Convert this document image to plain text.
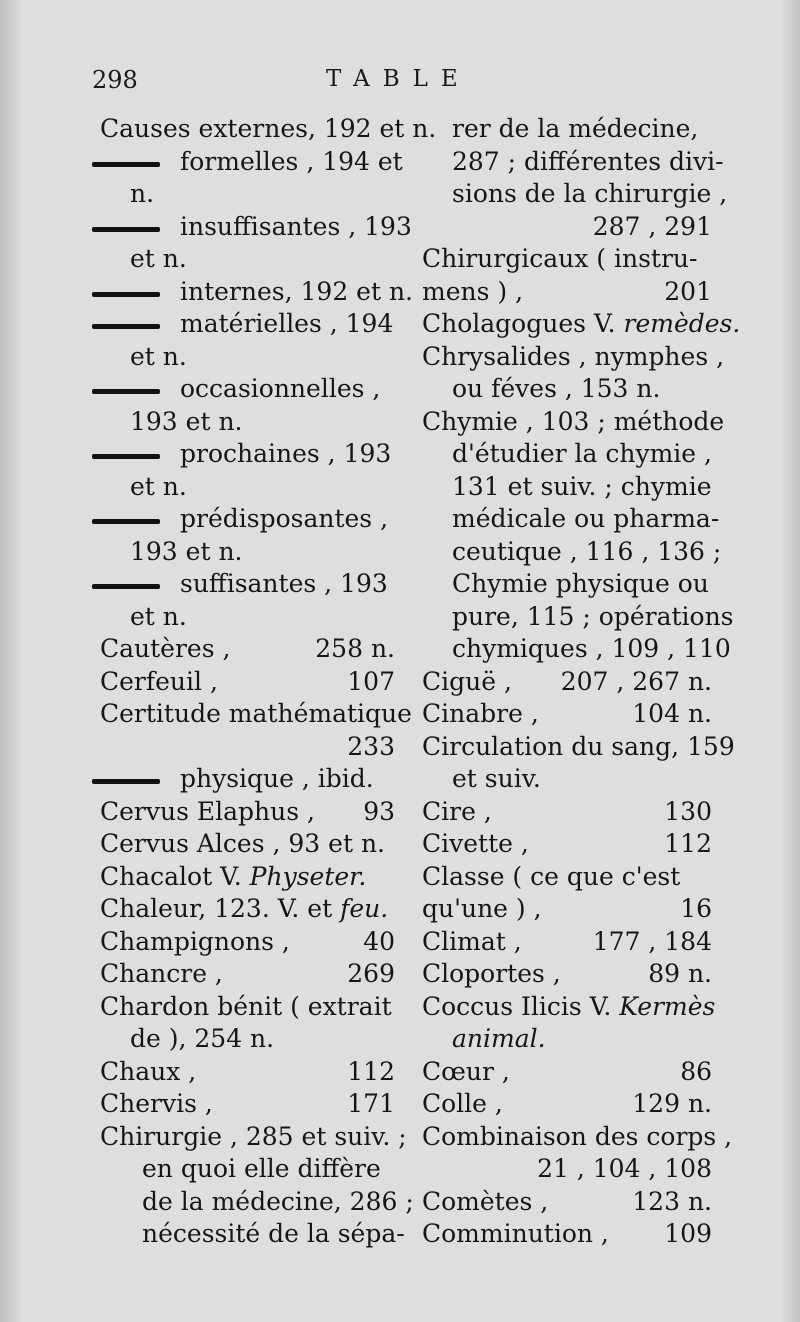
298	TABLE
Causes externes, 192 et n.
formelles , 194 et
n.
insuffisantes , 193
et n.
internes, 192 et n.
matérielles , 194
et n.
occasionnelles ,
193 et n.
prochaines , 193
et n.
prédisposantes ,
193 et n.
suffisantes , 193
et n.
Cautères ,	258 n.
Cerfeuil ,	107
Certitude mathématique
233
physique , ibid.
Cervus Elaphus , 93
Cervus Alces , 93 et n.
Chacalot V. Physeter.
Chaleur, 123. V. et feu.
Champignons ,	40
Chancre ,	269
Chardon bénit ( extrait
de ), 254 n.
Chaux ,	112
Chervis ,	171
Chirurgie , 285 et suiv. ;
en quoi elle diffère
de la médecine, 286 ;
nécessité de la sépa-
rer de la médecine,
287 ; différentes divi-
sions de la chirurgie ,
287 , 291
Chirurgicaux ( instru-
mens ) ,	201
Cholagogues V. remèdes.
Chrysalides , nymphes ,
ou féves , 153 n.
Chymie , 103 ; méthode
d'étudier la chymie ,
131 et suiv. ; chymie
médicale ou pharma-
ceutique , 116 , 136 ;
Chymie physique ou
pure, 115 ; opérations
chymiques , 109 , 110
Ciguë , 207 , 267 n.
Cinabre ,	104 n.
Circulation du sang, 159
et suiv.
Cire ,	130
Civette ,	112
Classe ( ce que c'est
qu'une ) ,	16
Climat ,	177 , 184
Cloportes ,	89 n.
Coccus Ilicis V. Kermès
animal.
Cœur ,	86
Colle ,	129 n.
Combinaison des corps ,
21 , 104 , 108
Comètes ,	123 n.
Comminution , 109
